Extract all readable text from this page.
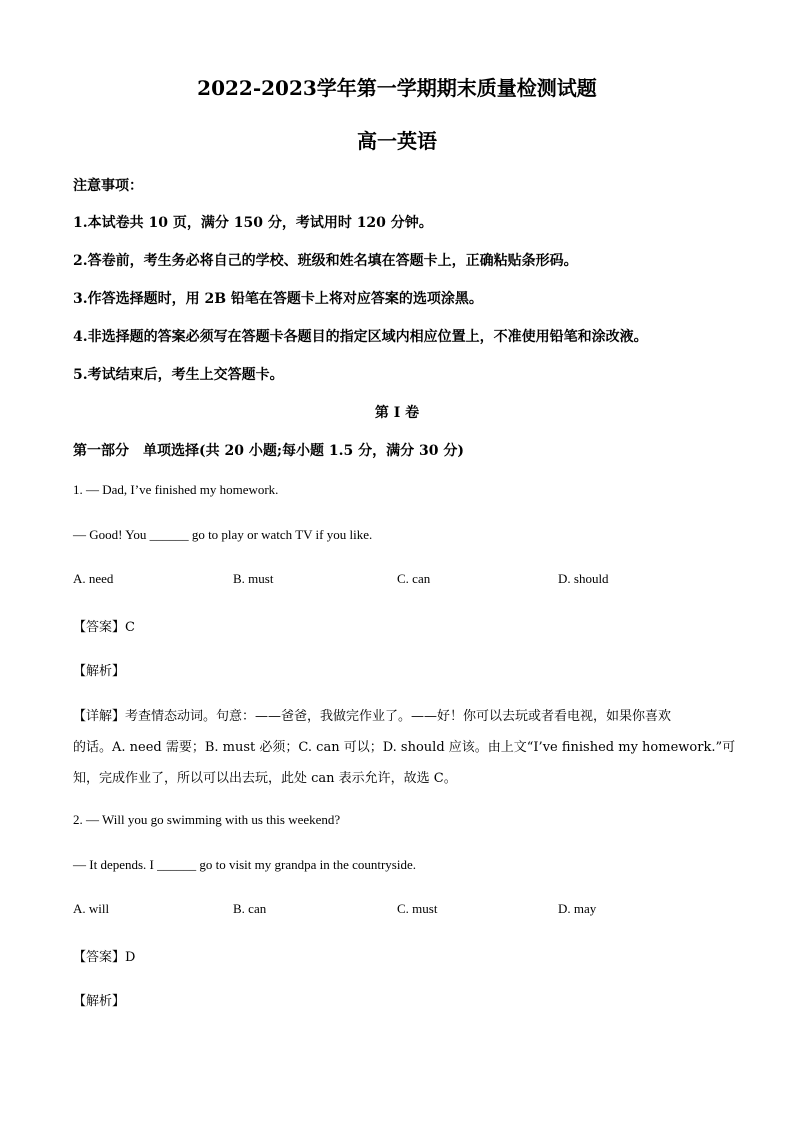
2022-2023学年第一学期期末质量检测试题
高一英语
注意事项：
1.本试卷共 10 页，满分 150 分，考试用时 120 分钟。
2.答卷前，考生务必将自己的学校、班级和姓名填在答题卡上，正确粘贴条形码。
3.作答选择题时，用 2B 铅笔在答题卡上将对应答案的选项涂黑。
4.非选择题的答案必须写在答题卡各题目的指定区域内相应位置上，不准使用铅笔和涂改液。
5.考试结束后，考生上交答题卡。
第 I 卷
第一部分　单项选择(共 20 小题;每小题 1.5 分，满分 30 分)
1. — Dad, I’ve finished my homework.
— Good! You ______ go to play or watch TV if you like.
A. need	B. must	C. can	D. should
【答案】C
【解析】
【详解】考查情态动词。句意：——爸爸，我做完作业了。——好！你可以去玩或者看电视，如果你喜欢
的话。A. need 需要；B. must 必须；C. can 可以；D. should 应该。由上文“I’ve finished my homework.”可
知，完成作业了，所以可以出去玩，此处 can 表示允许，故选 C。
2. — Will you go swimming with us this weekend?
— It depends. I ______ go to visit my grandpa in the countryside.
A. will	B. can	C. must	D. may
【答案】D
【解析】
